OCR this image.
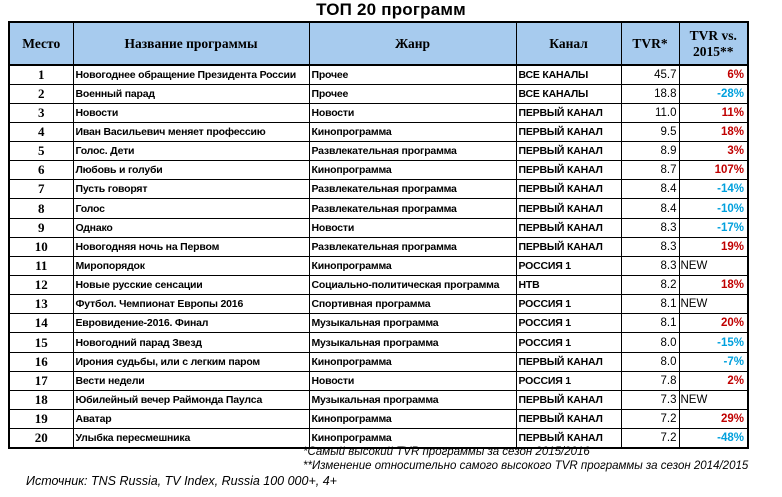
ТОП 20 программ
Место	Название программы	Жанр	Канал	TVR*	TVR vs. 2015**
1	Новогоднее обращение Президента России	Прочее	ВСЕ КАНАЛЫ	45.7	6%
2	Военный парад	Прочее	ВСЕ КАНАЛЫ	18.8	-28%
3	Новости	Новости	ПЕРВЫЙ КАНАЛ	11.0	11%
4	Иван Васильевич меняет профессию	Кинопрограмма	ПЕРВЫЙ КАНАЛ	9.5	18%
5	Голос. Дети	Развлекательная программа	ПЕРВЫЙ КАНАЛ	8.9	3%
6	Любовь и голуби	Кинопрограмма	ПЕРВЫЙ КАНАЛ	8.7	107%
7	Пусть говорят	Развлекательная программа	ПЕРВЫЙ КАНАЛ	8.4	-14%
8	Голос	Развлекательная программа	ПЕРВЫЙ КАНАЛ	8.4	-10%
9	Однако	Новости	ПЕРВЫЙ КАНАЛ	8.3	-17%
10	Новогодняя ночь на Первом	Развлекательная программа	ПЕРВЫЙ КАНАЛ	8.3	19%
11	Миропорядок	Кинопрограмма	РОССИЯ 1	8.3	NEW
12	Новые русские сенсации	Социально-политическая программа	НТВ	8.2	18%
13	Футбол. Чемпионат Европы 2016	Спортивная программа	РОССИЯ 1	8.1	NEW
14	Евровидение-2016. Финал	Музыкальная программа	РОССИЯ 1	8.1	20%
15	Новогодний парад Звезд	Музыкальная программа	РОССИЯ 1	8.0	-15%
16	Ирония судьбы, или с легким паром	Кинопрограмма	ПЕРВЫЙ КАНАЛ	8.0	-7%
17	Вести недели	Новости	РОССИЯ 1	7.8	2%
18	Юбилейный вечер Раймонда Паулса	Музыкальная программа	ПЕРВЫЙ КАНАЛ	7.3	NEW
19	Аватар	Кинопрограмма	ПЕРВЫЙ КАНАЛ	7.2	29%
20	Улыбка пересмешника	Кинопрограмма	ПЕРВЫЙ КАНАЛ	7.2	-48%
*Самый высокий TVR программы за сезон 2015/2016
**Изменение относительно самого высокого TVR программы за сезон 2014/2015
Источник: TNS Russia, TV Index, Russia 100 000+, 4+
